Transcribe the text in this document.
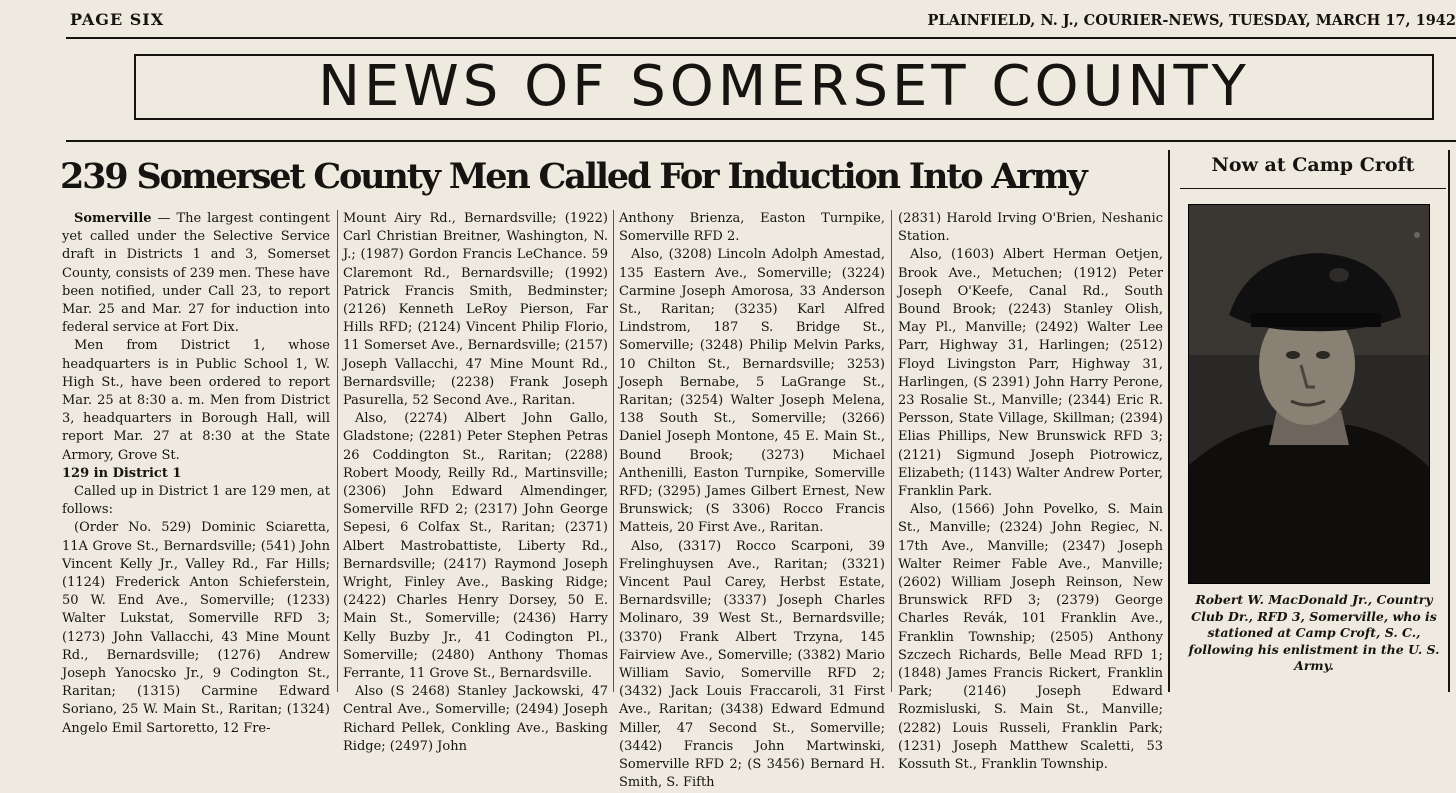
PAGE SIX	PLAINFIELD, N. J., COURIER-NEWS, TUESDAY, MARCH 17, 1942
NEWS OF SOMERSET COUNTY
239 Somerset County Men Called For Induction Into Army

Somerville — The largest contingent yet called under the Selective Service draft in Districts 1 and 3, Somerset County, consists of 239 men. These have been notified, under Call 23, to report Mar. 25 and Mar. 27 for induction into federal service at Fort Dix.

Men from District 1, whose headquarters is in Public School 1, W. High St., have been ordered to report Mar. 25 at 8:30 a. m. Men from District 3, headquarters in Borough Hall, will report Mar. 27 at 8:30 at the State Armory, Grove St.

129 in District 1

Called up in District 1 are 129 men, at follows:

(Order No. 529) Dominic Sciaretta, 11A Grove St., Bernardsville; (541) John Vincent Kelly Jr., Valley Rd., Far Hills; (1124) Frederick Anton Schieferstein, 50 W. End Ave., Somerville; (1233) Walter Lukstat, Somerville RFD 3; (1273) John Vallacchi, 43 Mine Mount Rd., Bernardsville; (1276) Andrew Joseph Yanocsko Jr., 9 Codington St., Raritan; (1315) Carmine Edward Soriano, 25 W. Main St., Raritan; (1324) Angelo Emil Sartoretto, 12 Fre-

Mount Airy Rd., Bernardsville; (1922) Carl Christian Breitner, Washington, N. J.; (1987) Gordon Francis LeChance. 59 Claremont Rd., Bernardsville; (1992) Patrick Francis Smith, Bedminster; (2126) Kenneth LeRoy Pierson, Far Hills RFD; (2124) Vincent Philip Florio, 11 Somerset Ave., Bernardsville; (2157) Joseph Vallacchi, 47 Mine Mount Rd., Bernardsville; (2238) Frank Joseph Pasurella, 52 Second Ave., Raritan.

Also, (2274) Albert John Gallo, Gladstone; (2281) Peter Stephen Petras 26 Coddington St., Raritan; (2288) Robert Moody, Reilly Rd., Martinsville; (2306) John Edward Almendinger, Somerville RFD 2; (2317) John George Sepesi, 6 Colfax St., Raritan; (2371) Albert Mastrobattiste, Liberty Rd., Bernardsville; (2417) Raymond Joseph Wright, Finley Ave., Basking Ridge; (2422) Charles Henry Dorsey, 50 E. Main St., Somerville; (2436) Harry Kelly Buzby Jr., 41 Codington Pl., Somerville; (2480) Anthony Thomas Ferrante, 11 Grove St., Bernardsville.

Also (S 2468) Stanley Jackowski, 47 Central Ave., Somerville; (2494) Joseph Richard Pellek, Conkling Ave., Basking Ridge; (2497) John

Anthony Brienza, Easton Turnpike, Somerville RFD 2.

Also, (3208) Lincoln Adolph Amestad, 135 Eastern Ave., Somerville; (3224) Carmine Joseph Amorosa, 33 Anderson St., Raritan; (3235) Karl Alfred Lindstrom, 187 S. Bridge St., Somerville; (3248) Philip Melvin Parks, 10 Chilton St., Bernardsville; 3253) Joseph Bernabe, 5 LaGrange St., Raritan; (3254) Walter Joseph Melena, 138 South St., Somerville; (3266) Daniel Joseph Montone, 45 E. Main St., Bound Brook; (3273) Michael Anthenilli, Easton Turnpike, Somerville RFD; (3295) James Gilbert Ernest, New Brunswick; (S 3306) Rocco Francis Matteis, 20 First Ave., Raritan.

Also, (3317) Rocco Scarponi, 39 Frelinghuysen Ave., Raritan; (3321) Vincent Paul Carey, Herbst Estate, Bernardsville; (3337) Joseph Charles Molinaro, 39 West St., Bernardsville; (3370) Frank Albert Trzyna, 145 Fairview Ave., Somerville; (3382) Mario William Savio, Somerville RFD 2; (3432) Jack Louis Fraccaroli, 31 First Ave., Raritan; (3438) Edward Edmund Miller, 47 Second St., Somerville; (3442) Francis John Martwinski, Somerville RFD 2; (S 3456) Bernard H. Smith, S. Fifth

(2831) Harold Irving O'Brien, Neshanic Station.

Also, (1603) Albert Herman Oetjen, Brook Ave., Metuchen; (1912) Peter Joseph O'Keefe, Canal Rd., South Bound Brook; (2243) Stanley Olish, May Pl., Manville; (2492) Walter Lee Parr, Highway 31, Harlingen; (2512) Floyd Livingston Parr, Highway 31, Harlingen, (S 2391) John Harry Perone, 23 Rosalie St., Manville; (2344) Eric R. Persson, State Village, Skillman; (2394) Elias Phillips, New Brunswick RFD 3; (2121) Sigmund Joseph Piotrowicz, Elizabeth; (1143) Walter Andrew Porter, Franklin Park.

Also, (1566) John Povelko, S. Main St., Manville; (2324) John Regiec, N. 17th Ave., Manville; (2347) Joseph Walter Reimer Fable Ave., Manville; (2602) William Joseph Reinson, New Brunswick RFD 3; (2379) George Charles Revák, 101 Franklin Ave., Franklin Township; (2505) Anthony Szczech Richards, Belle Mead RFD 1; (1848) James Francis Rickert, Franklin Park; (2146) Joseph Edward Rozmisluski, S. Main St., Manville; (2282) Louis Russeli, Franklin Park; (1231) Joseph Matthew Scaletti, 53 Kossuth St., Franklin Township.

Now at Camp Croft
Robert W. MacDonald Jr., Country Club Dr., RFD 3, Somerville, who is stationed at Camp Croft, S. C., following his enlistment in the U. S. Army.
